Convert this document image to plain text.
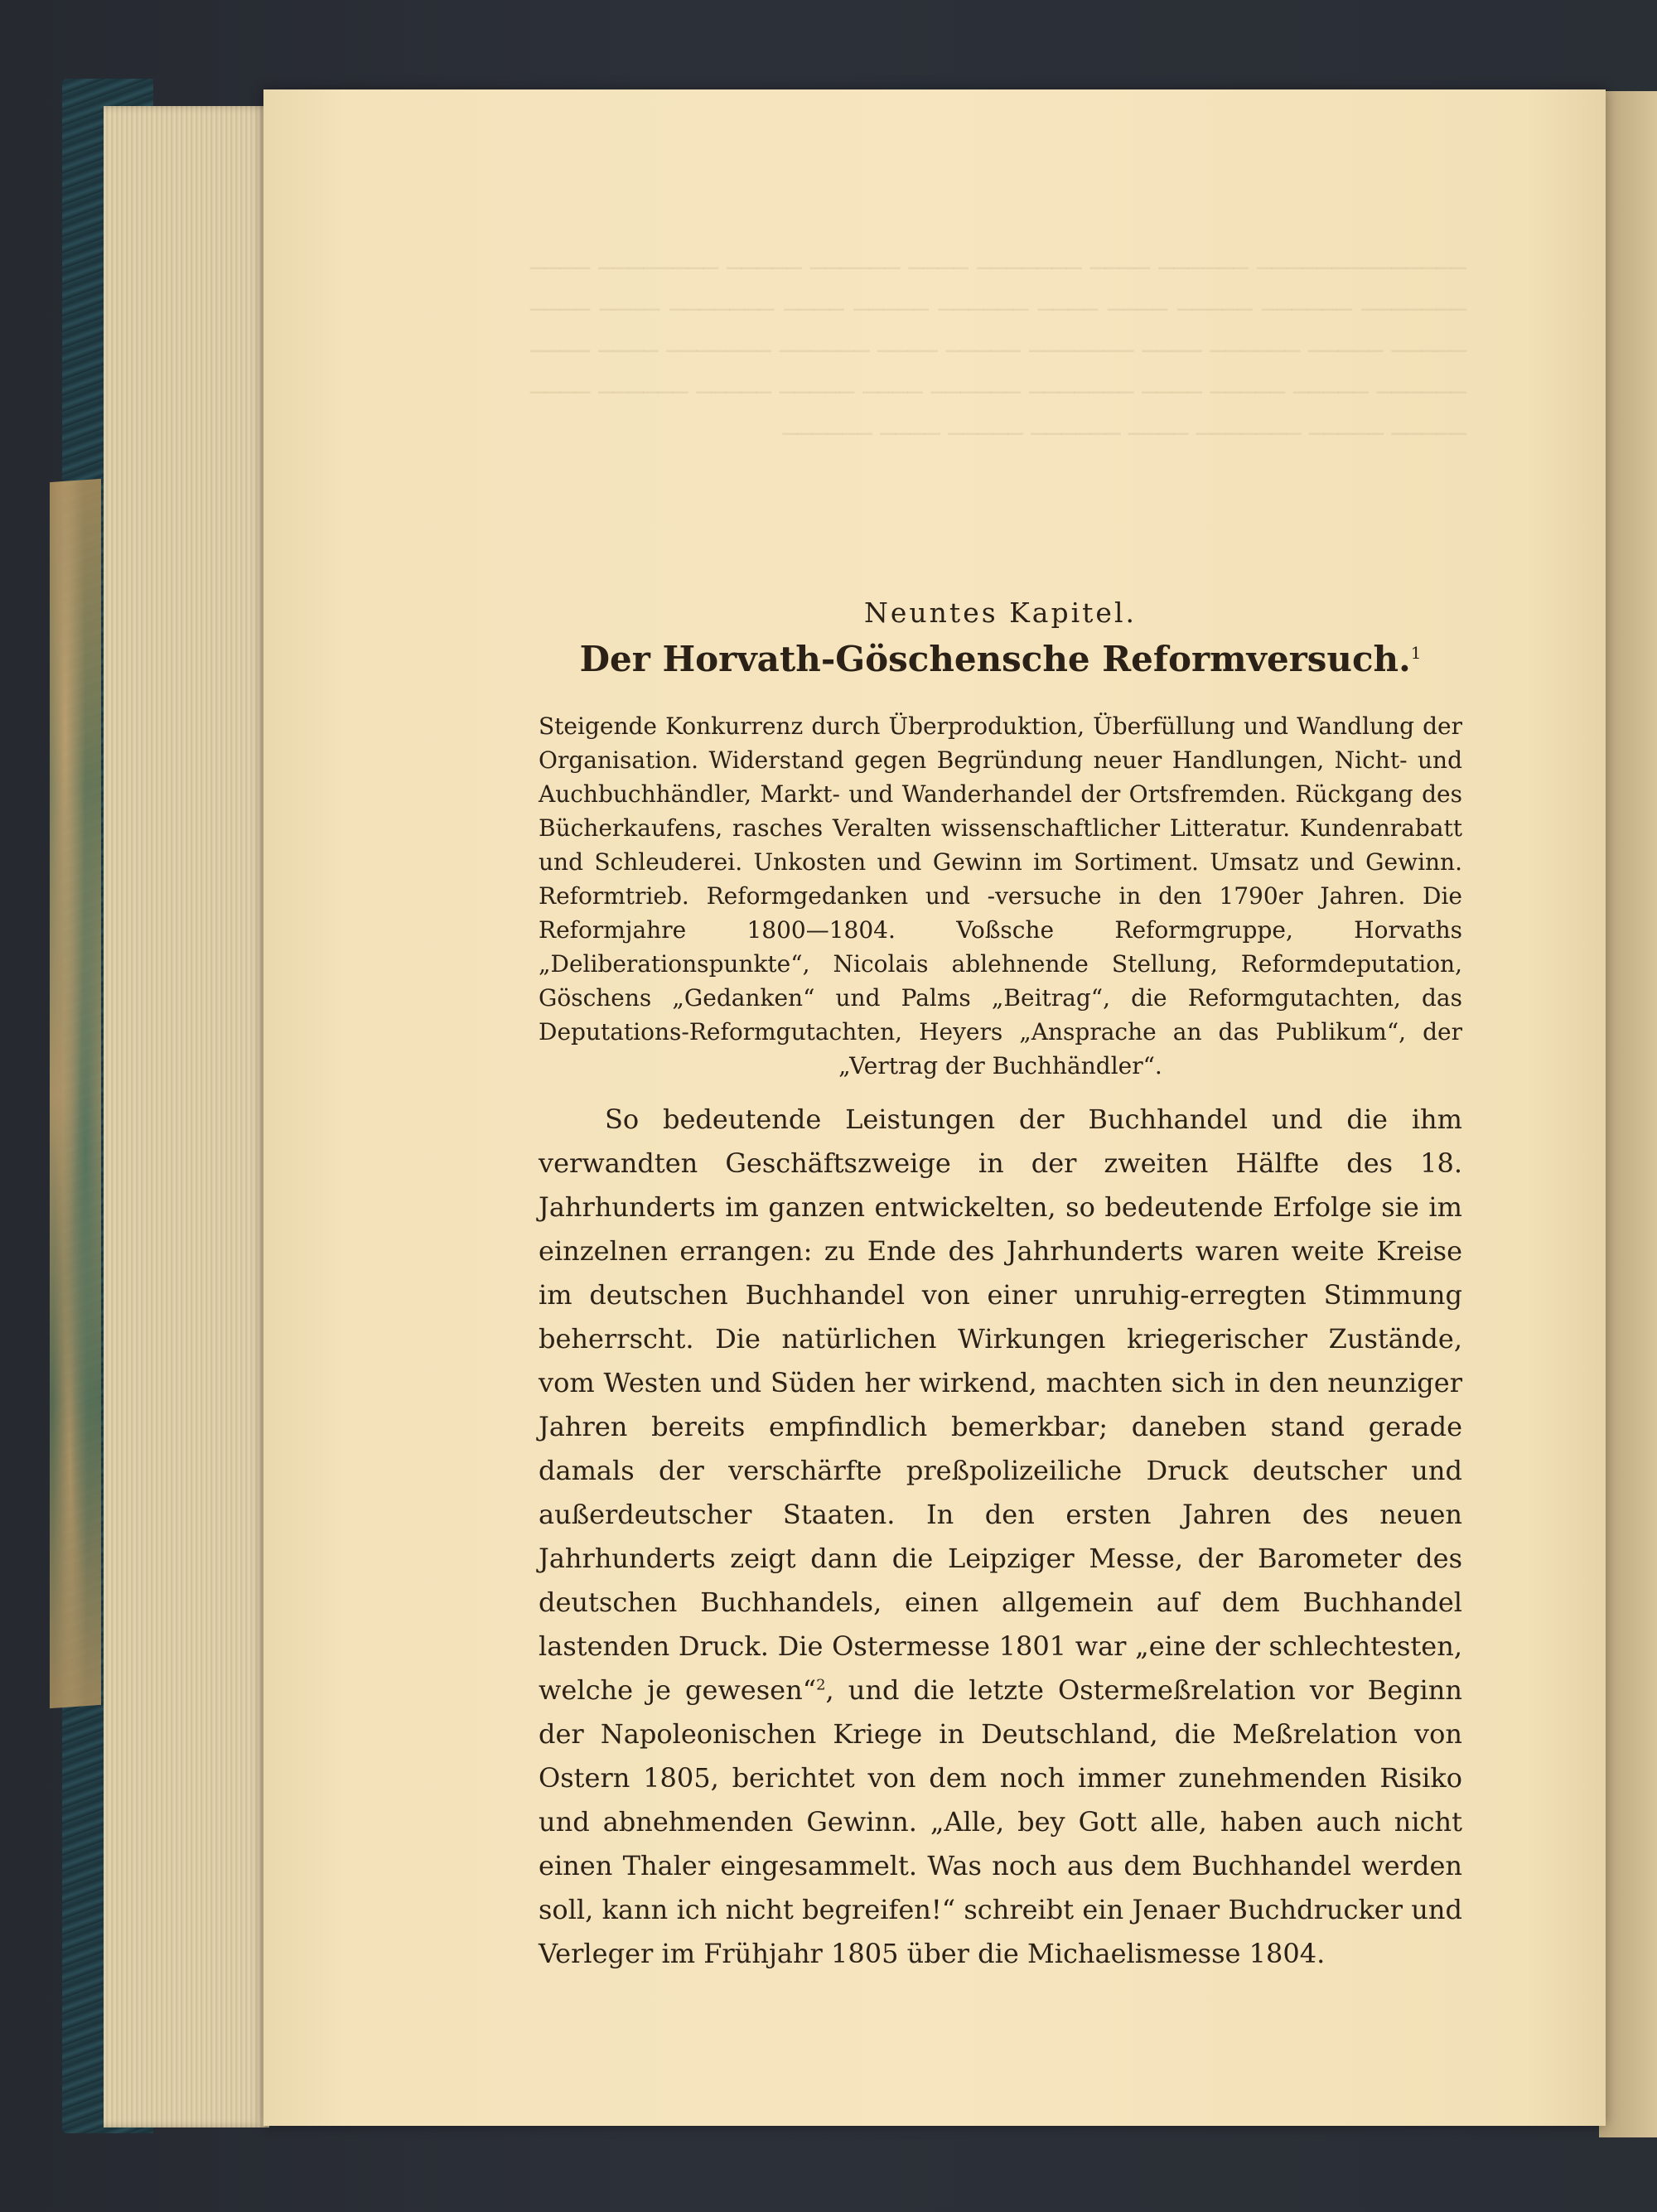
────────────── ────── ──── ─────── ──── ────── ───── ──────── ──── ─────── ────── ───── ──── ──── ────── ───── ──── ─────── ──── ──── ───── ───── ────── ──── ─────── ───── ──── ────── ─────── ──── ──── ────── ───── ───── ──── ─────── ────── ──── ───── ───── ────── ──── ───── ───── ─────── ──── ────── ───── ──── ──────
Neuntes Kapitel.
Der Horvath-Göschensche Reformversuch.$^1$

Steigende Konkurrenz durch Überproduktion, Überfüllung und Wandlung der Organisation. Widerstand gegen Begründung neuer Handlungen, Nicht- und Auchbuchhändler, Markt- und Wanderhandel der Ortsfremden. Rückgang des Bücherkaufens, rasches Veralten wissenschaftlicher Litteratur. Kundenrabatt und Schleuderei. Unkosten und Gewinn im Sortiment. Umsatz und Gewinn. Reformtrieb. Reformgedanken und -versuche in den 1790er Jahren. Die Reformjahre 1800—1804. Voßsche Reformgruppe, Horvaths „Deliberationspunkte“, Nicolais ablehnende Stellung, Reformdeputation, Göschens „Gedanken“ und Palms „Beitrag“, die Reformgutachten, das Deputations-Reformgutachten, Heyers „Ansprache an das Publikum“, der „Vertrag der Buchhändler“.

So bedeutende Leistungen der Buchhandel und die ihm verwandten Geschäftszweige in der zweiten Hälfte des 18. Jahrhunderts im ganzen entwickelten, so bedeutende Erfolge sie im einzelnen errangen: zu Ende des Jahrhunderts waren weite Kreise im deutschen Buchhandel von einer unruhig-erregten Stimmung beherrscht. Die natürlichen Wirkungen kriegerischer Zustände, vom Westen und Süden her wirkend, machten sich in den neunziger Jahren bereits empfindlich bemerkbar; daneben stand gerade damals der verschärfte preßpolizeiliche Druck deutscher und außerdeutscher Staaten. In den ersten Jahren des neuen Jahrhunderts zeigt dann die Leipziger Messe, der Barometer des deutschen Buchhandels, einen allgemein auf dem Buchhandel lastenden Druck. Die Ostermesse 1801 war „eine der schlechtesten, welche je gewesen“$^2$, und die letzte Ostermeßrelation vor Beginn der Napoleonischen Kriege in Deutschland, die Meßrelation von Ostern 1805, berichtet von dem noch immer zunehmenden Risiko und abnehmenden Gewinn. „Alle, bey Gott alle, haben auch nicht einen Thaler eingesammelt. Was noch aus dem Buchhandel werden soll, kann ich nicht begreifen!“ schreibt ein Jenaer Buchdrucker und Verleger im Frühjahr 1805 über die Michaelismesse 1804.
